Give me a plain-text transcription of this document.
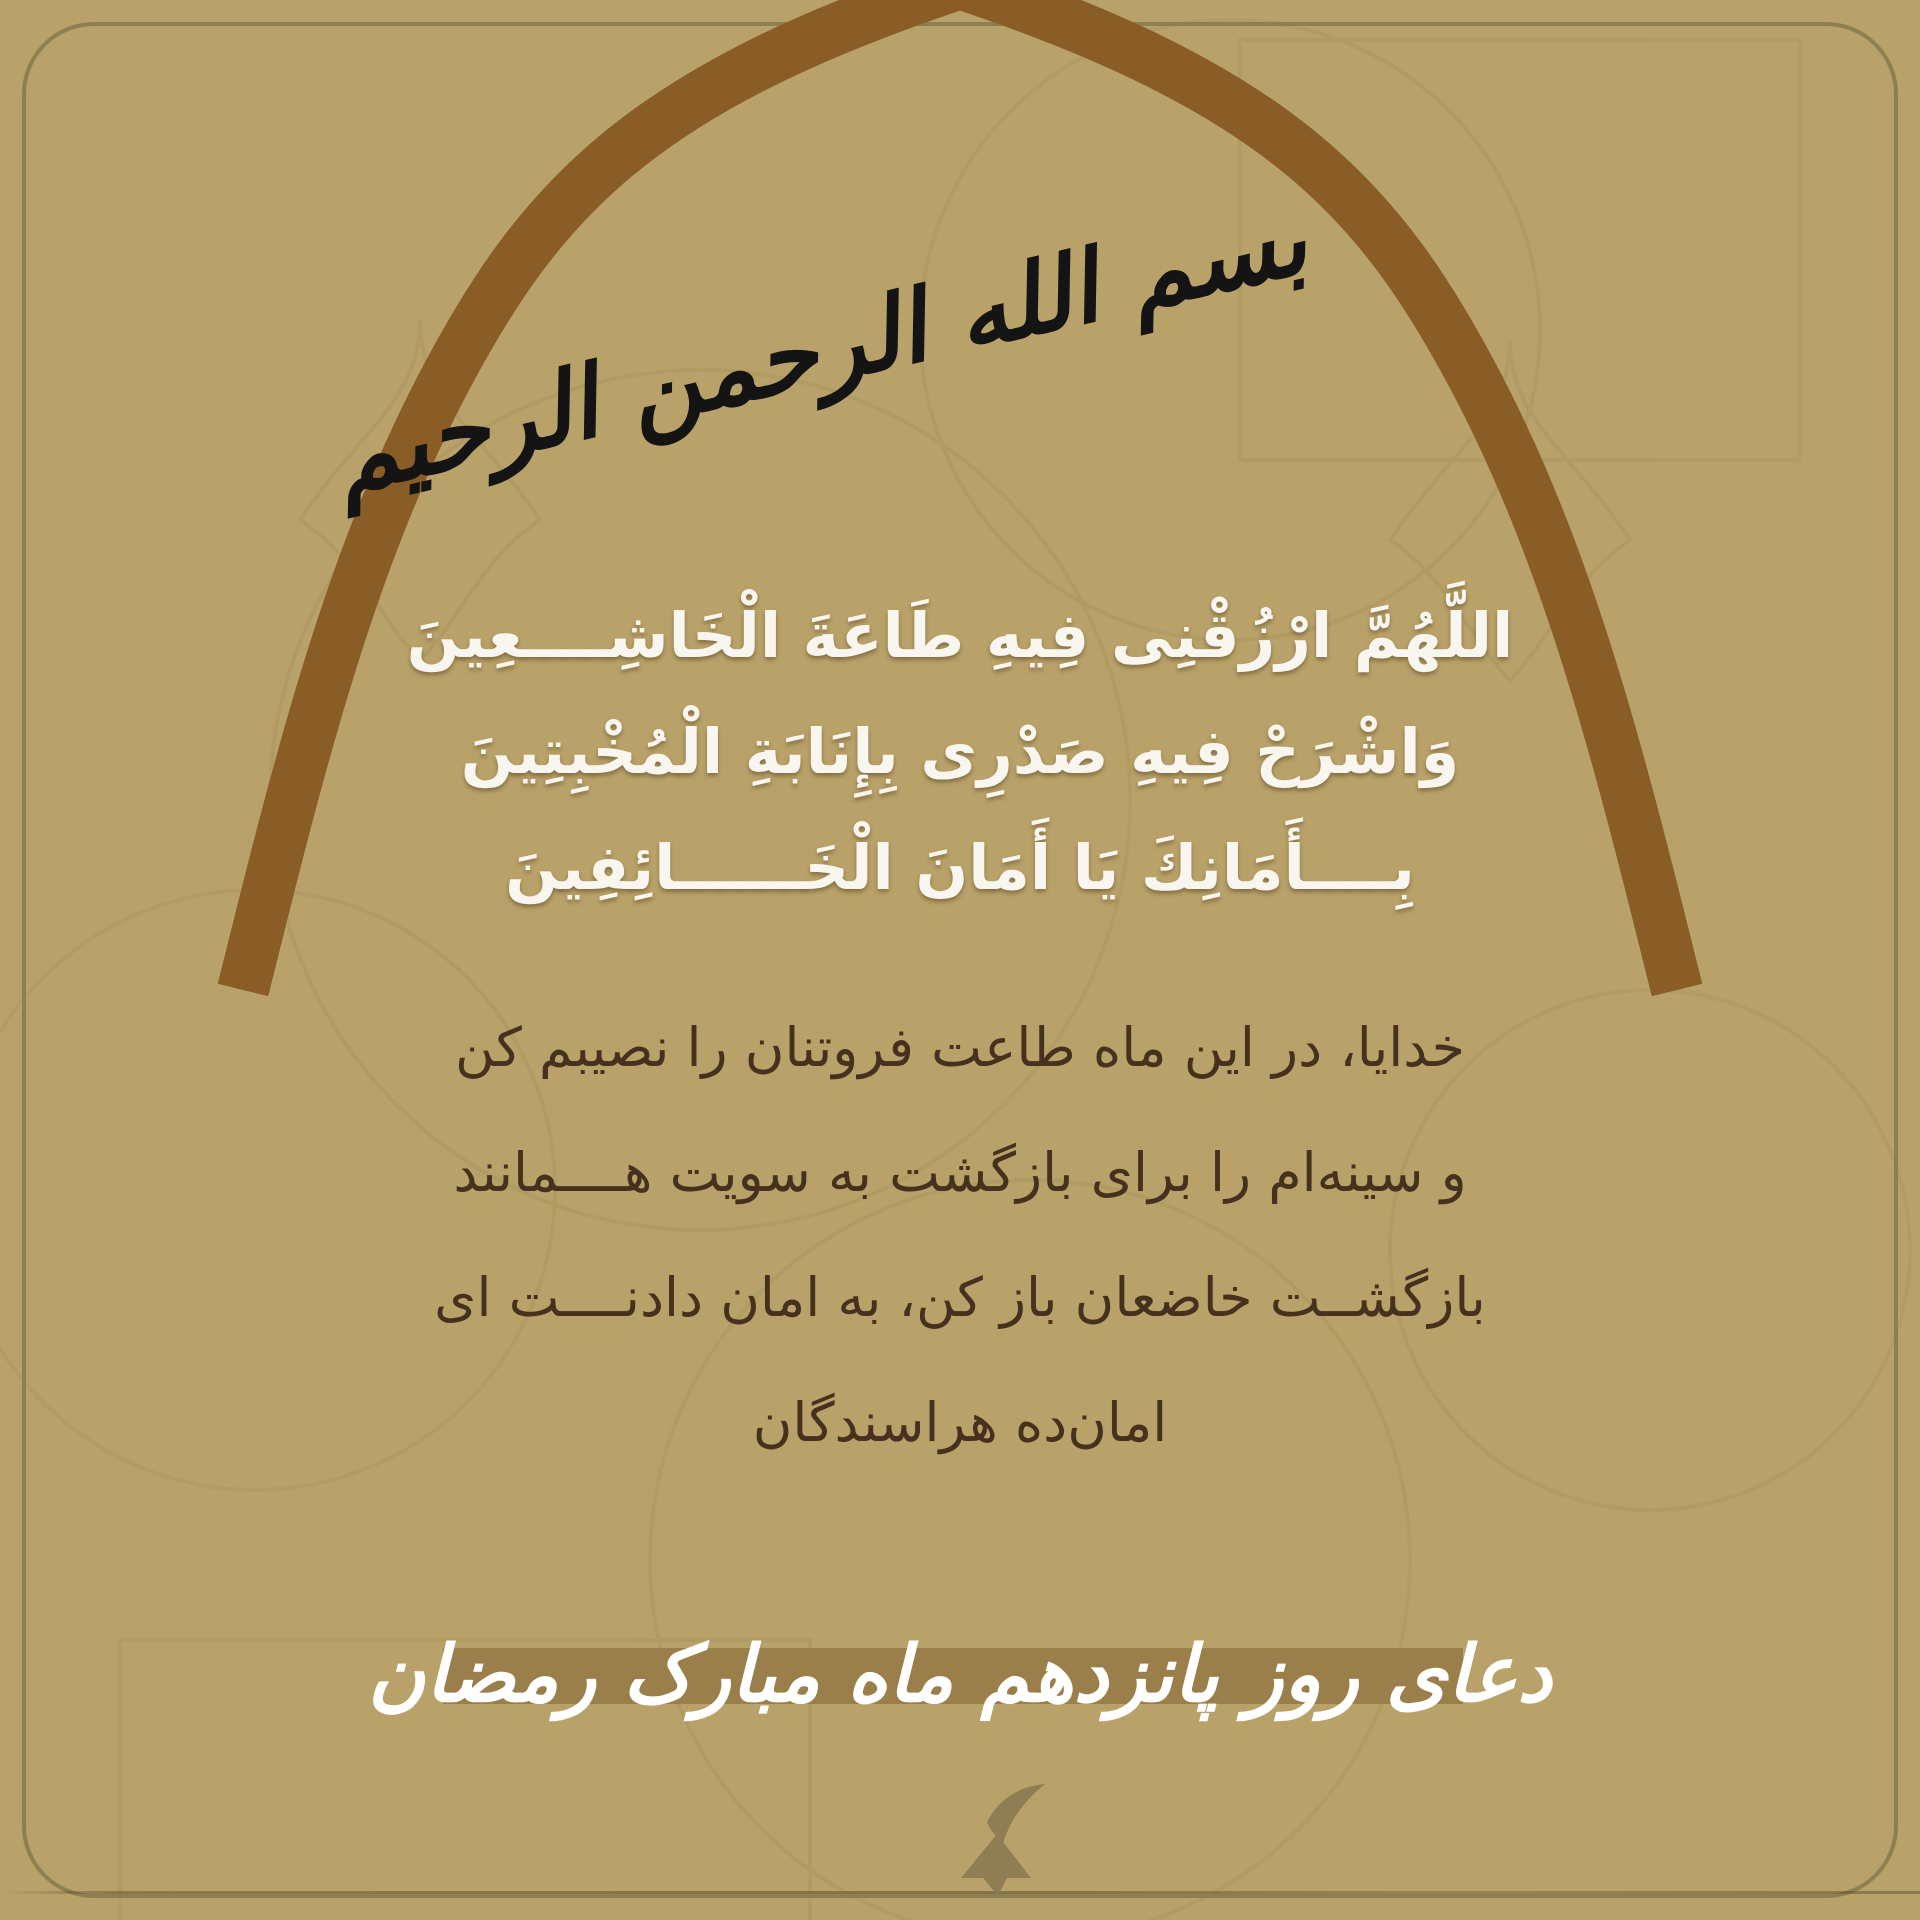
بسم الله الرحمن الرحيم
اللَّهُمَّ ارْزُقْنِى فِيهِ طَاعَةَ الْخَاشِــــعِينَ
وَاشْرَحْ فِيهِ صَدْرِى بِإِنَابَةِ الْمُخْبِتِينَ
بِــــأَمَانِكَ يَا أَمَانَ الْخَــــــائِفِينَ
خدایا، در این ماه طاعت فروتنان را نصیبم کن
و سینه‌ام را برای بازگشت به سویت هــــمانند
بازگشــت خاضعان باز کن، به امان دادنــــت ای
امان‌ده هراسندگان
دعای روز پانزدهم ماه مبارک رمضان
